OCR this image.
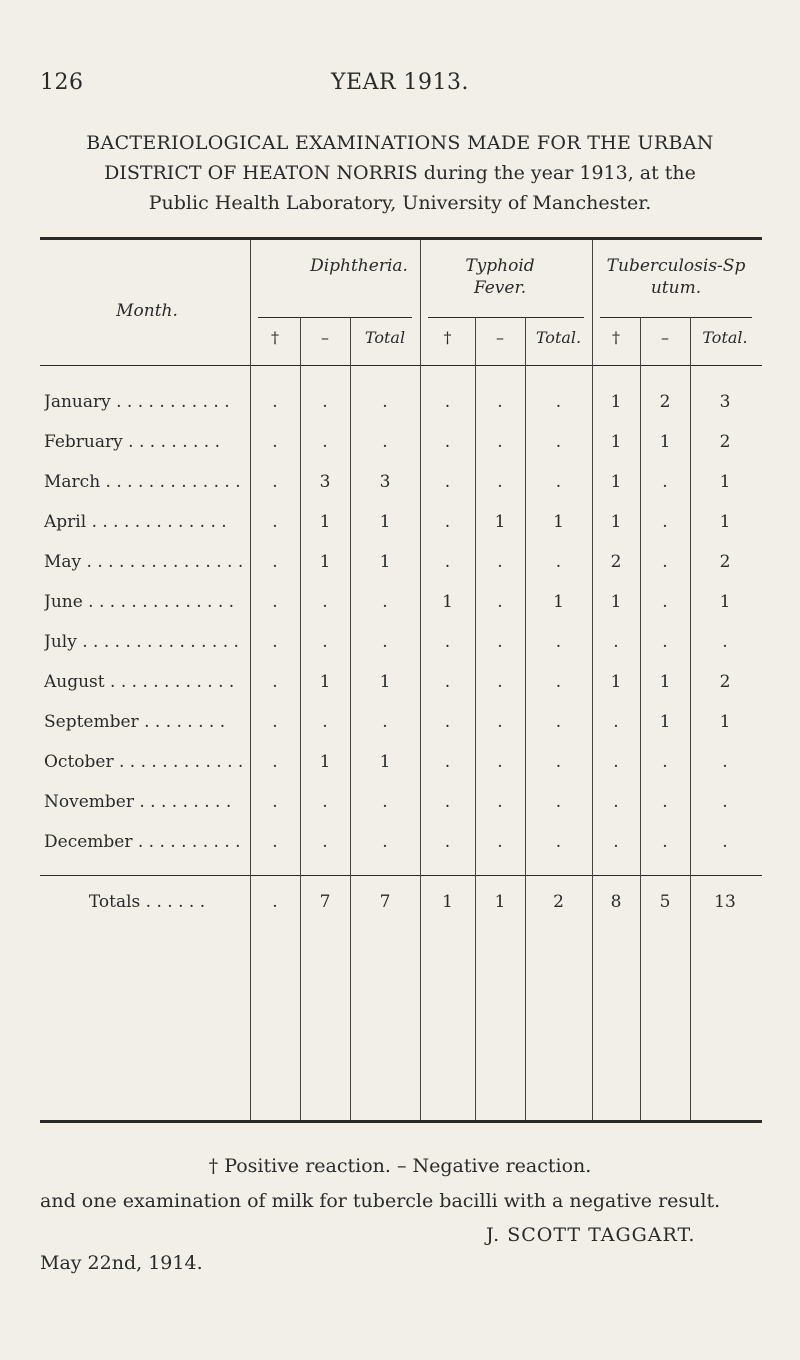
126	YEAR 1913.
BACTERIOLOGICAL EXAMINATIONS MADE FOR THE URBAN
DISTRICT OF HEATON NORRIS during the year 1913, at the
Public Health Laboratory, University of Manchester.
Month.
Diphtheria.	Typhoid Fever.
Tuberculosis-Sputum.
†	–	Total	†	–	Total.	†	–	Total.
January . . . . . . . . . . .	.	.	.	.	.	.	1	2	3
February . . . . . . . . .	.	.	.	.	.	.	1	1	2
March . . . . . . . . . . . . .	.	3	3	.	.	.	1	.	1
April . . . . . . . . . . . . .	.	1	1	.	1	1	1	.	1
May . . . . . . . . . . . . . . .	.	1	1	.	.	.	2	.	2
June . . . . . . . . . . . . . .	.	.	.	1	.	1	1	.	1
July . . . . . . . . . . . . . . .	.	.	.	.	.	.	.	.	.
August . . . . . . . . . . . .	.	1	1	.	.	.	1	1	2
September . . . . . . . .	.	.	.	.	.	.	.	1	1
October . . . . . . . . . . . .	.	1	1	.	.	.	.	.	.
November . . . . . . . . .	.	.	.	.	.	.	.	.	.
December . . . . . . . . . .	.	.	.	.	.	.	.	.	.
Totals . . . . . .	.	7	7	1	1	2	8	5	13
† Positive reaction. – Negative reaction.
and one examination of milk for tubercle bacilli with a negative result.
J. SCOTT TAGGART.
May 22nd, 1914.
